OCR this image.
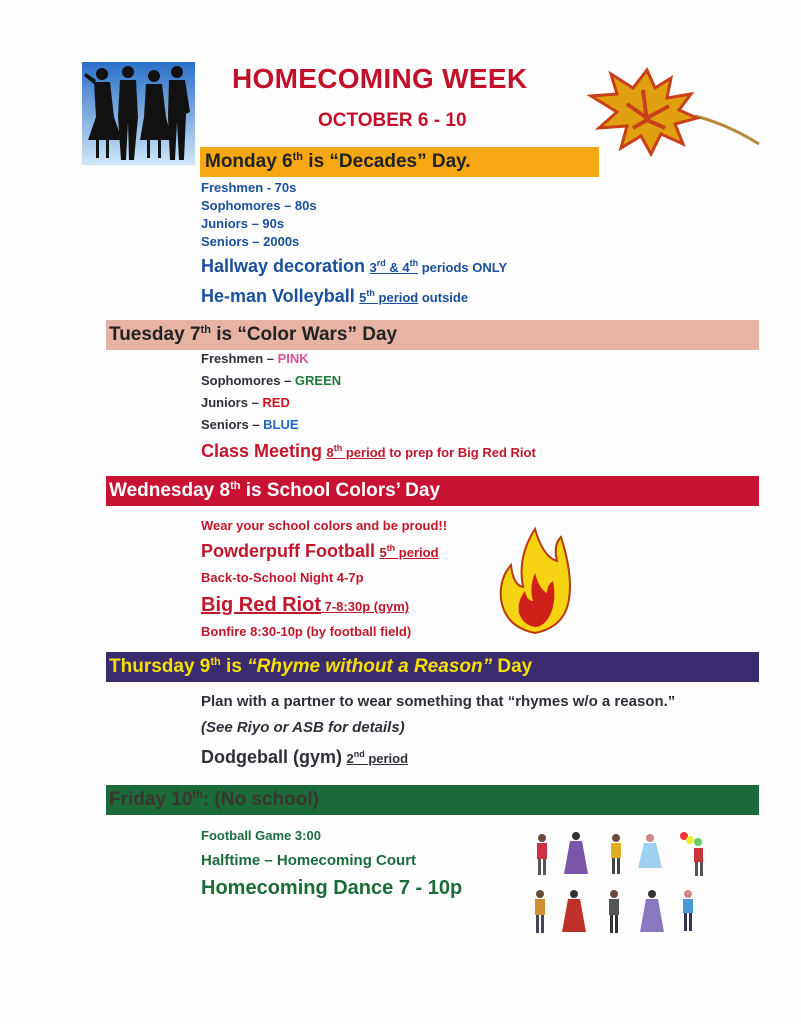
HOMECOMING WEEK
OCTOBER 6 - 10
Monday 6th is “Decades” Day.
Freshmen - 70s
Sophomores – 80s
Juniors – 90s
Seniors – 2000s
Hallway decoration 3rd & 4th periods ONLY
He-man Volleyball 5th period outside
Tuesday 7th is “Color Wars” Day
Freshmen – PINK
Sophomores – GREEN
Juniors – RED
Seniors – BLUE
Class Meeting 8th period to prep for Big Red Riot
Wednesday 8th is School Colors’ Day
Wear your school colors and be proud!!
Powderpuff Football 5th period
Back-to-School Night 4-7p
Big Red Riot 7-8:30p (gym)
Bonfire 8:30-10p (by football field)
Thursday 9th is “Rhyme without a Reason” Day
Plan with a partner to wear something that “rhymes w/o a reason.”
(See Riyo or ASB for details)
Dodgeball (gym) 2nd period
Friday 10th: (No school)
Football Game 3:00
Halftime – Homecoming Court
Homecoming Dance 7 - 10p
